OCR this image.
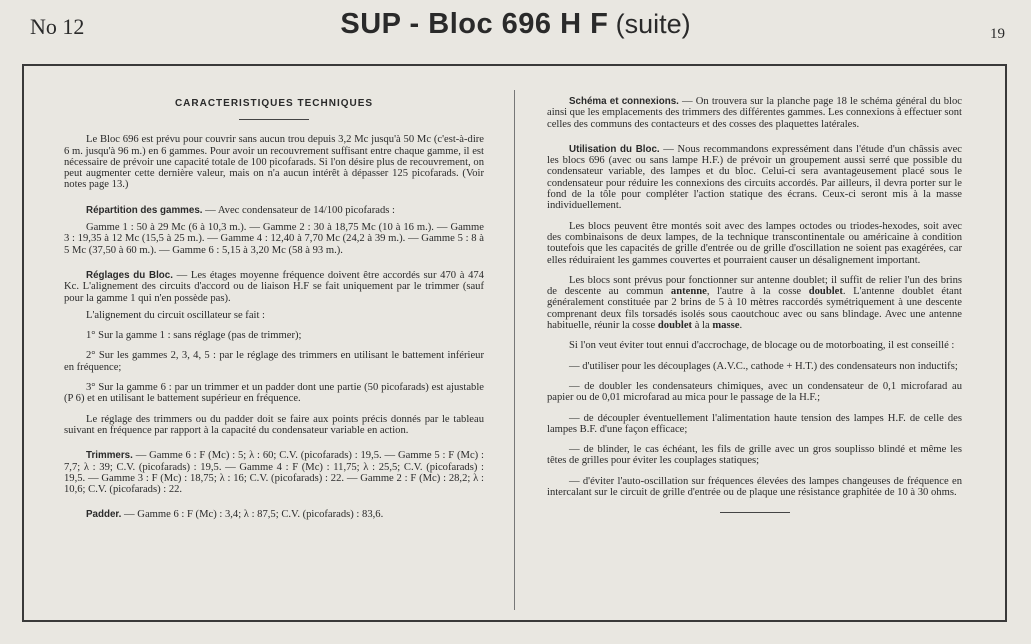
No 12	SUP - Bloc 696 H F (suite)	19
CARACTERISTIQUES TECHNIQUES

Le Bloc 696 est prévu pour couvrir sans aucun trou depuis 3,2 Mc jusqu'à 50 Mc (c'est-à-dire 6 m. jusqu'à 96 m.) en 6 gammes. Pour avoir un recouvrement suffisant entre chaque gamme, il est nécessaire de prévoir une capacité totale de 100 picofarads. Si l'on désire plus de recouvrement, on peut augmenter cette dernière valeur, mais on n'a aucun intérêt à dépasser 125 picofarads. (Voir notes page 13.)

Répartition des gammes. — Avec condensateur de 14/100 picofarads :

Gamme 1 : 50 à 29 Mc (6 à 10,3 m.). — Gamme 2 : 30 à 18,75 Mc (10 à 16 m.). — Gamme 3 : 19,35 à 12 Mc (15,5 à 25 m.). — Gamme 4 : 12,40 à 7,70 Mc (24,2 à 39 m.). — Gamme 5 : 8 à 5 Mc (37,50 à 60 m.). — Gamme 6 : 5,15 à 3,20 Mc (58 à 93 m.).

Réglages du Bloc. — Les étages moyenne fréquence doivent être accordés sur 470 à 474 Kc. L'alignement des circuits d'accord ou de liaison H.F se fait uniquement par le trimmer (sauf pour la gamme 1 qui n'en possède pas).

L'alignement du circuit oscillateur se fait :

1° Sur la gamme 1 : sans réglage (pas de trimmer);

2° Sur les gammes 2, 3, 4, 5 : par le réglage des trimmers en utilisant le battement inférieur en fréquence;

3° Sur la gamme 6 : par un trimmer et un padder dont une partie (50 picofarads) est ajustable (P 6) et en utilisant le battement supérieur en fréquence.

Le réglage des trimmers ou du padder doit se faire aux points précis donnés par le tableau suivant en fréquence par rapport à la capacité du condensateur variable en action.

Trimmers. — Gamme 6 : F (Mc) : 5; λ : 60; C.V. (picofarads) : 19,5. — Gamme 5 : F (Mc) : 7,7; λ : 39; C.V. (picofarads) : 19,5. — Gamme 4 : F (Mc) : 11,75; λ : 25,5; C.V. (picofarads) : 19,5. — Gamme 3 : F (Mc) : 18,75; λ : 16; C.V. (picofarads) : 22. — Gamme 2 : F (Mc) : 28,2; λ : 10,6; C.V. (picofarads) : 22.

Padder. — Gamme 6 : F (Mc) : 3,4; λ : 87,5; C.V. (picofarads) : 83,6.

Schéma et connexions. — On trouvera sur la planche page 18 le schéma général du bloc ainsi que les emplacements des trimmers des différentes gammes. Les connexions à effectuer sont celles des communs des contacteurs et des cosses des plaquettes latérales.

Utilisation du Bloc. — Nous recommandons expressément dans l'étude d'un châssis avec les blocs 696 (avec ou sans lampe H.F.) de prévoir un groupement aussi serré que possible du condensateur variable, des lampes et du bloc. Celui-ci sera avantageusement placé sous le condensateur pour réduire les connexions des circuits accordés. Par ailleurs, il devra porter sur le fond de la tôle pour compléter l'action statique des écrans. Ceux-ci seront mis à la masse individuellement.

Les blocs peuvent être montés soit avec des lampes octodes ou triodes-hexodes, soit avec des combinaisons de deux lampes, de la technique transcontinentale ou américaine à condition toutefois que les capacités de grille d'entrée ou de grille d'oscillation ne soient pas exagérées, car elles réduiraient les gammes couvertes et pourraient causer un désalignement important.

Les blocs sont prévus pour fonctionner sur antenne doublet; il suffit de relier l'un des brins de descente au commun antenne, l'autre à la cosse doublet. L'antenne doublet étant généralement constituée par 2 brins de 5 à 10 mètres raccordés symétriquement à une descente comprenant deux fils torsadés isolés sous caoutchouc avec ou sans blindage. Avec une antenne habituelle, réunir la cosse doublet à la masse.

Si l'on veut éviter tout ennui d'accrochage, de blocage ou de motorboating, il est conseillé :

— d'utiliser pour les découplages (A.V.C., cathode + H.T.) des condensateurs non inductifs;

— de doubler les condensateurs chimiques, avec un condensateur de 0,1 microfarad au papier ou de 0,01 microfarad au mica pour le passage de la H.F.;

— de découpler éventuellement l'alimentation haute tension des lampes H.F. de celle des lampes B.F. d'une façon efficace;

— de blinder, le cas échéant, les fils de grille avec un gros souplisso blindé et même les têtes de grilles pour éviter les couplages statiques;

— d'éviter l'auto-oscillation sur fréquences élevées des lampes changeuses de fréquence en intercalant sur le circuit de grille d'entrée ou de plaque une résistance graphitée de 10 à 30 ohms.
